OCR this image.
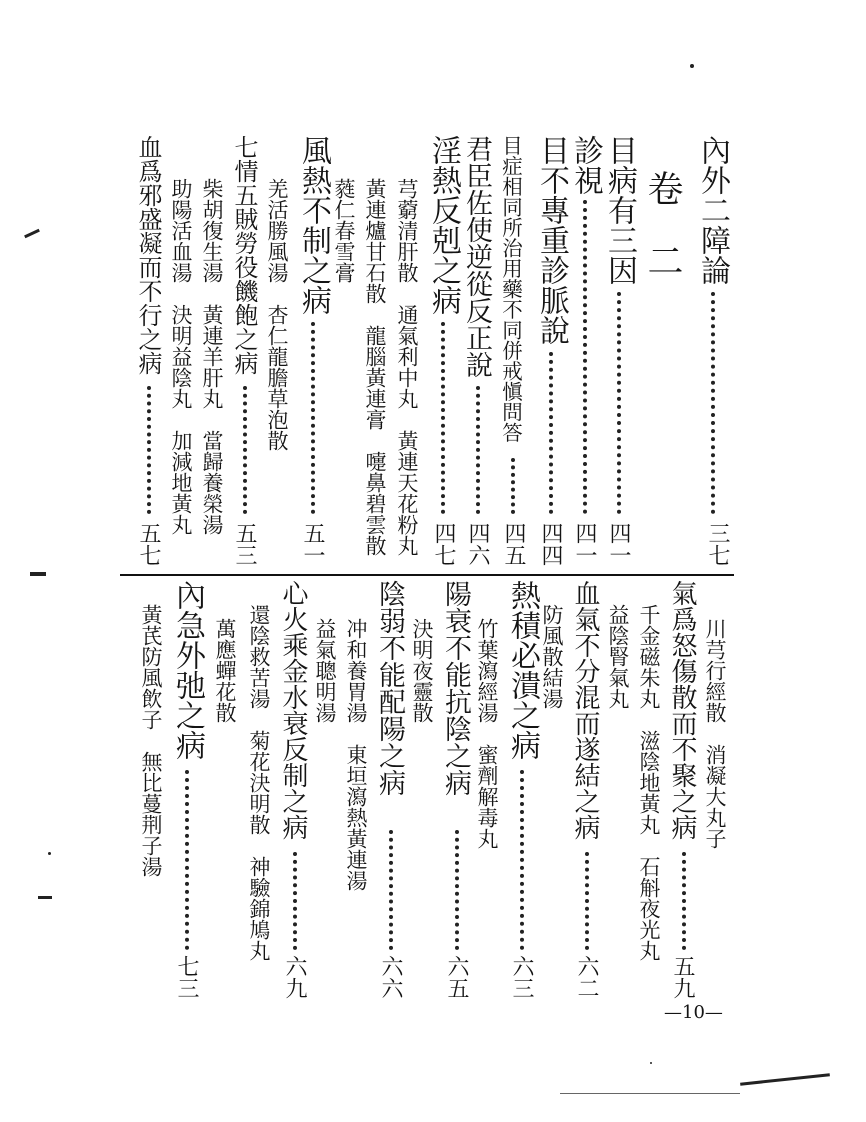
內外二障論
三七
卷　二
目病有三因
四一
診視
四一
目不專重診脈說
四四
目症相同所治用藥不同併戒愼問答
四五
君臣佐使逆從反正說
四六
淫熱反剋之病
四七
芎藭清肝散　通氣利中丸　黃連天花粉丸
黃連爐甘石散　龍腦黃連膏　嚏鼻碧雲散
蕤仁春雪膏
風熱不制之病
五一
羌活勝風湯　杏仁龍膽草泡散
七情五賊勞役饑飽之病
五三
柴胡復生湯　黃連羊肝丸　當歸養榮湯
助陽活血湯　決明益陰丸　加減地黃丸
血爲邪盛凝而不行之病
五七
川芎行經散　消凝大丸子
氣爲怒傷散而不聚之病
五九
千金磁朱丸　滋陰地黃丸　石斛夜光丸
益陰腎氣丸
血氣不分混而遂結之病
六二
防風散結湯
熱積必潰之病
六三
竹葉瀉經湯　蜜劑解毒丸
陽衰不能抗陰之病
六五
決明夜靈散
陰弱不能配陽之病
六六
冲和養胃湯　東垣瀉熱黃連湯
益氣聰明湯
心火乘金水衰反制之病
六九
還陰救苦湯　菊花決明散　神驗錦鳩丸
萬應蟬花散
內急外弛之病
七三
黃芪防風飲子　無比蔓荆子湯
—10—
